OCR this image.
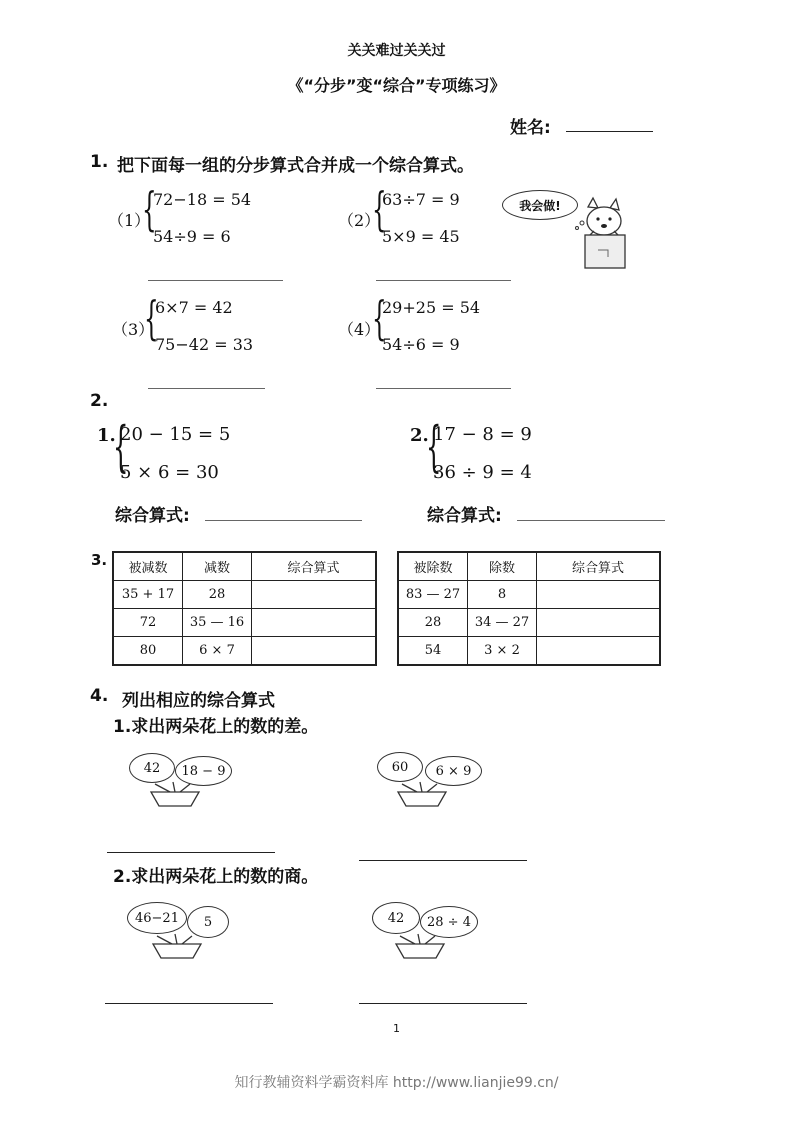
关关难过关关过
《“分步”变“综合”专项练习》
姓名:
1. 把下面每一组的分步算式合并成一个综合算式。
（1）
{
72−18 = 54
54÷9 = 6
（2）
{
63÷7 = 9
5×9 = 45
我会做!
（3）
{
6×7 = 42
75−42 = 33
（4）
{
29+25 = 54
54÷6 = 9
2.
1.
{
20 − 15 = 5
5 × 6 = 30
综合算式:
2.
{
17 − 8 = 9
36 ÷ 9 = 4
综合算式:
3. 被减数	减数	综合算式
35 + 17	28	
72	35 — 16	
80	6 × 7	
被除数	除数	综合算式
83 — 27	8	
28	34 — 27	
54	3 × 2	
4. 列出相应的综合算式
1.求出两朵花上的数的差。
42 18 − 9	60 6 × 9
2.求出两朵花上的数的商。
46−21 5	42 28 ÷ 4
1
知行教辅资料学霸资料库 http://www.lianjie99.cn/
